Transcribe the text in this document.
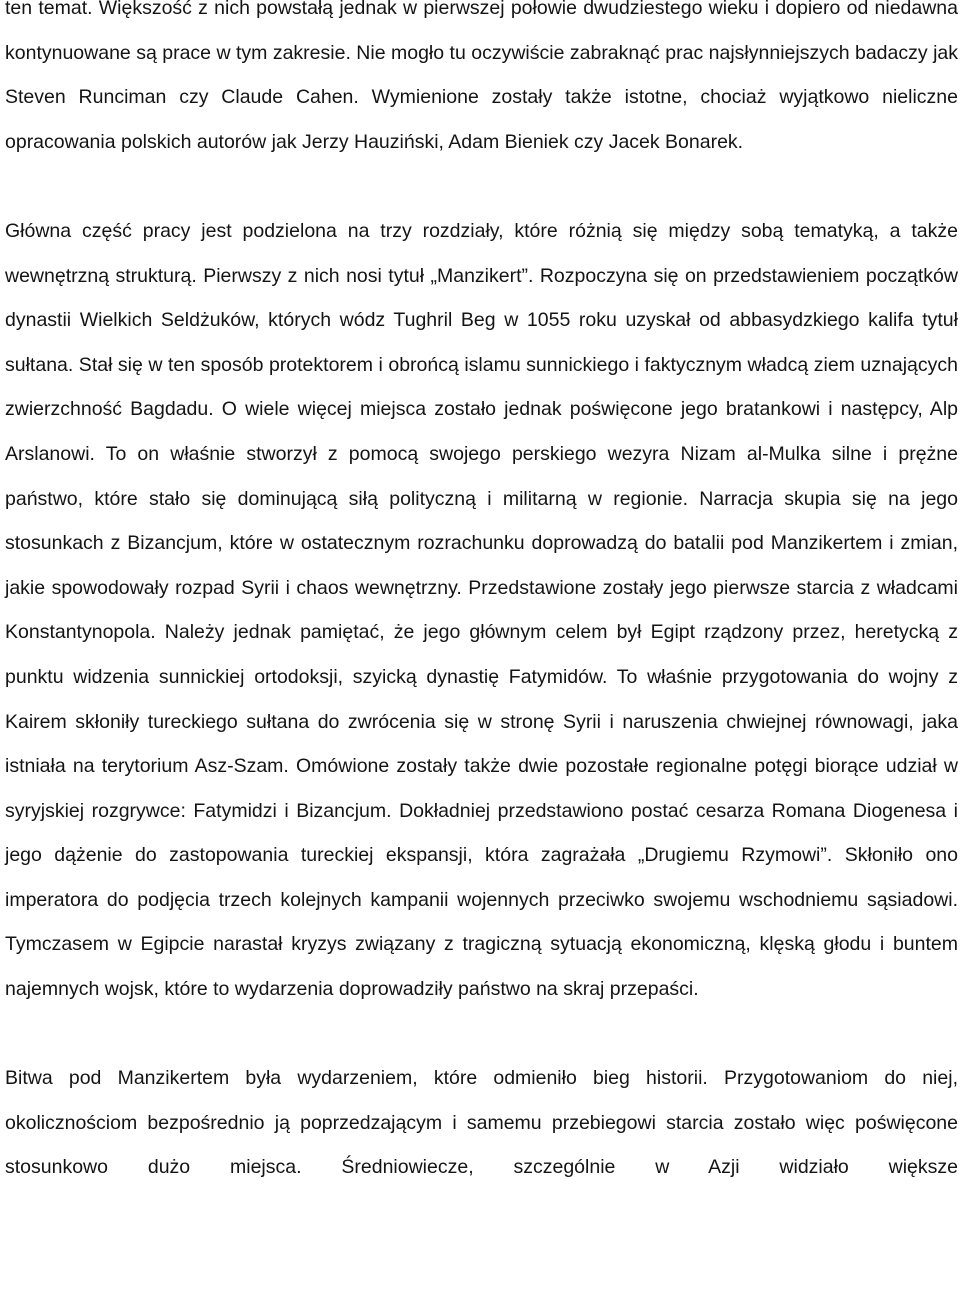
ten temat. Większość z nich powstałą jednak w pierwszej połowie dwudziestego wieku i dopiero od niedawna kontynuowane są prace w tym zakresie. Nie mogło tu oczywiście zabraknąć prac najsłynniejszych badaczy jak Steven Runciman czy Claude Cahen. Wymienione zostały także istotne, chociaż wyjątkowo nieliczne opracowania polskich autorów jak Jerzy Hauziński, Adam Bieniek czy Jacek Bonarek.

Główna część pracy jest podzielona na trzy rozdziały, które różnią się między sobą tematyką, a także wewnętrzną strukturą. Pierwszy z nich nosi tytuł „Manzikert”. Rozpoczyna się on przedstawieniem początków dynastii Wielkich Seldżuków, których wódz Tughril Beg w 1055 roku uzyskał od abbasydzkiego kalifa tytuł sułtana. Stał się w ten sposób protektorem i obrońcą islamu sunnickiego i faktycznym władcą ziem uznających zwierzchność Bagdadu. O wiele więcej miejsca zostało jednak poświęcone jego bratankowi i następcy, Alp Arslanowi. To on właśnie stworzył z pomocą swojego perskiego wezyra Nizam al-Mulka silne i prężne państwo, które stało się dominującą siłą polityczną i militarną w regionie. Narracja skupia się na jego stosunkach z Bizancjum, które w ostatecznym rozrachunku doprowadzą do batalii pod Manzikertem i zmian, jakie spowodowały rozpad Syrii i chaos wewnętrzny. Przedstawione zostały jego pierwsze starcia z władcami Konstantynopola. Należy jednak pamiętać, że jego głównym celem był Egipt rządzony przez, heretycką z punktu widzenia sunnickiej ortodoksji, szyicką dynastię Fatymidów. To właśnie przygotowania do wojny z Kairem skłoniły tureckiego sułtana do zwrócenia się w stronę Syrii i naruszenia chwiejnej równowagi, jaka istniała na terytorium Asz-Szam. Omówione zostały także dwie pozostałe regionalne potęgi biorące udział w syryjskiej rozgrywce: Fatymidzi i Bizancjum. Dokładniej przedstawiono postać cesarza Romana Diogenesa i jego dążenie do zastopowania tureckiej ekspansji, która zagrażała „Drugiemu Rzymowi”. Skłoniło ono imperatora do podjęcia trzech kolejnych kampanii wojennych przeciwko swojemu wschodniemu sąsiadowi. Tymczasem w Egipcie narastał kryzys związany z tragiczną sytuacją ekonomiczną, klęską głodu i buntem najemnych wojsk, które to wydarzenia doprowadziły państwo na skraj przepaści.

Bitwa pod Manzikertem była wydarzeniem, które odmieniło bieg historii. Przygotowaniom do niej, okolicznościom bezpośrednio ją poprzedzającym i samemu przebiegowi starcia zostało więc poświęcone stosunkowo dużo miejsca. Średniowiecze, szczególnie w Azji widziało większe
